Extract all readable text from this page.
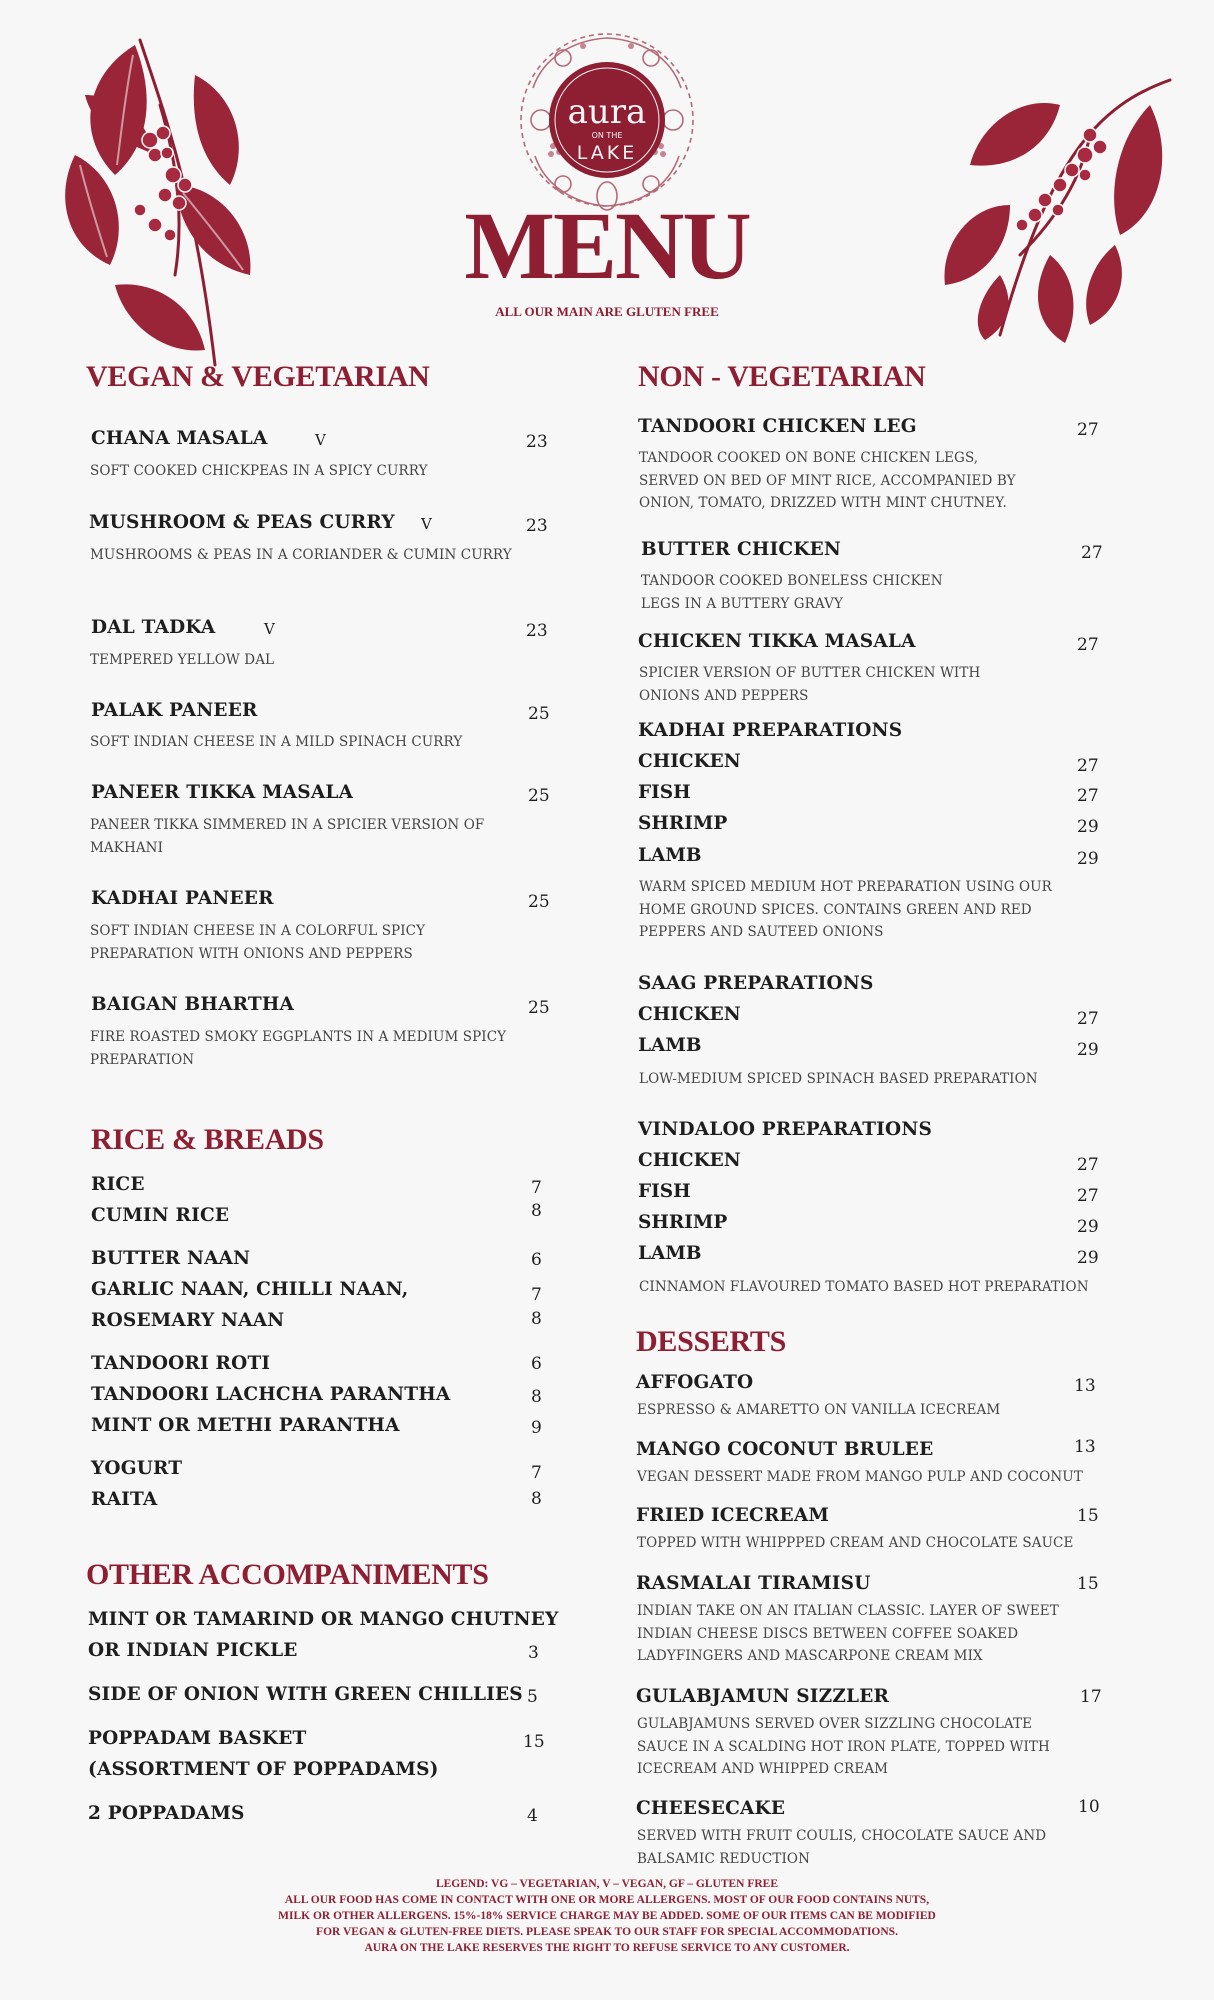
aura
ON THE
LAKE
MENU
ALL OUR MAIN ARE GLUTEN FREE
VEGAN & VEGETARIAN
CHANA MASALA	V	23
SOFT COOKED CHICKPEAS IN A SPICY CURRY
MUSHROOM & PEAS CURRY V	23
MUSHROOMS & PEAS IN A CORIANDER & CUMIN CURRY
DAL TADKA	V	23
TEMPERED YELLOW DAL
PALAK PANEER	25
SOFT INDIAN CHEESE IN A MILD SPINACH CURRY
PANEER TIKKA MASALA	25
PANEER TIKKA SIMMERED IN A SPICIER VERSION OF
MAKHANI
KADHAI PANEER	25
SOFT INDIAN CHEESE IN A COLORFUL SPICY
PREPARATION WITH ONIONS AND PEPPERS
BAIGAN BHARTHA	25
FIRE ROASTED SMOKY EGGPLANTS IN A MEDIUM SPICY
PREPARATION
RICE & BREADS
RICE	7
CUMIN RICE	8
BUTTER NAAN	6
GARLIC NAAN, CHILLI NAAN,	7
ROSEMARY NAAN	8
TANDOORI ROTI	6
TANDOORI LACHCHA PARANTHA	8
MINT OR METHI PARANTHA	9
YOGURT	7
RAITA	8
OTHER ACCOMPANIMENTS
MINT OR TAMARIND OR MANGO CHUTNEY
OR INDIAN PICKLE	3
SIDE OF ONION WITH GREEN CHILLIES 5
POPPADAM BASKET	15
(ASSORTMENT OF POPPADAMS)
2 POPPADAMS	4
NON - VEGETARIAN
TANDOORI CHICKEN LEG	27
TANDOOR COOKED ON BONE CHICKEN LEGS,
SERVED ON BED OF MINT RICE, ACCOMPANIED BY
ONION, TOMATO, DRIZZED WITH MINT CHUTNEY.
BUTTER CHICKEN	27
TANDOOR COOKED BONELESS CHICKEN
LEGS IN A BUTTERY GRAVY
CHICKEN TIKKA MASALA	27
SPICIER VERSION OF BUTTER CHICKEN WITH
ONIONS AND PEPPERS
KADHAI PREPARATIONS
CHICKEN	27
FISH	27
SHRIMP	29
LAMB	29
WARM SPICED MEDIUM HOT PREPARATION USING OUR
HOME GROUND SPICES. CONTAINS GREEN AND RED
PEPPERS AND SAUTEED ONIONS
SAAG PREPARATIONS
CHICKEN	27
LAMB	29
LOW-MEDIUM SPICED SPINACH BASED PREPARATION
VINDALOO PREPARATIONS
CHICKEN	27
FISH	27
SHRIMP	29
LAMB	29
CINNAMON FLAVOURED TOMATO BASED HOT PREPARATION
DESSERTS
AFFOGATO	13
ESPRESSO & AMARETTO ON VANILLA ICECREAM
MANGO COCONUT BRULEE	13
VEGAN DESSERT MADE FROM MANGO PULP AND COCONUT
FRIED ICECREAM	15
TOPPED WITH WHIPPPED CREAM AND CHOCOLATE SAUCE
RASMALAI TIRAMISU	15
INDIAN TAKE ON AN ITALIAN CLASSIC. LAYER OF SWEET
INDIAN CHEESE DISCS BETWEEN COFFEE SOAKED
LADYFINGERS AND MASCARPONE CREAM MIX
GULABJAMUN SIZZLER	17
GULABJAMUNS SERVED OVER SIZZLING CHOCOLATE
SAUCE IN A SCALDING HOT IRON PLATE, TOPPED WITH
ICECREAM AND WHIPPED CREAM
CHEESECAKE	10
SERVED WITH FRUIT COULIS, CHOCOLATE SAUCE AND
BALSAMIC REDUCTION
LEGEND: VG – VEGETARIAN, V – VEGAN, GF – GLUTEN FREE
ALL OUR FOOD HAS COME IN CONTACT WITH ONE OR MORE ALLERGENS. MOST OF OUR FOOD CONTAINS NUTS,
MILK OR OTHER ALLERGENS. 15%-18% SERVICE CHARGE MAY BE ADDED. SOME OF OUR ITEMS CAN BE MODIFIED
FOR VEGAN & GLUTEN-FREE DIETS. PLEASE SPEAK TO OUR STAFF FOR SPECIAL ACCOMMODATIONS.
AURA ON THE LAKE RESERVES THE RIGHT TO REFUSE SERVICE TO ANY CUSTOMER.
